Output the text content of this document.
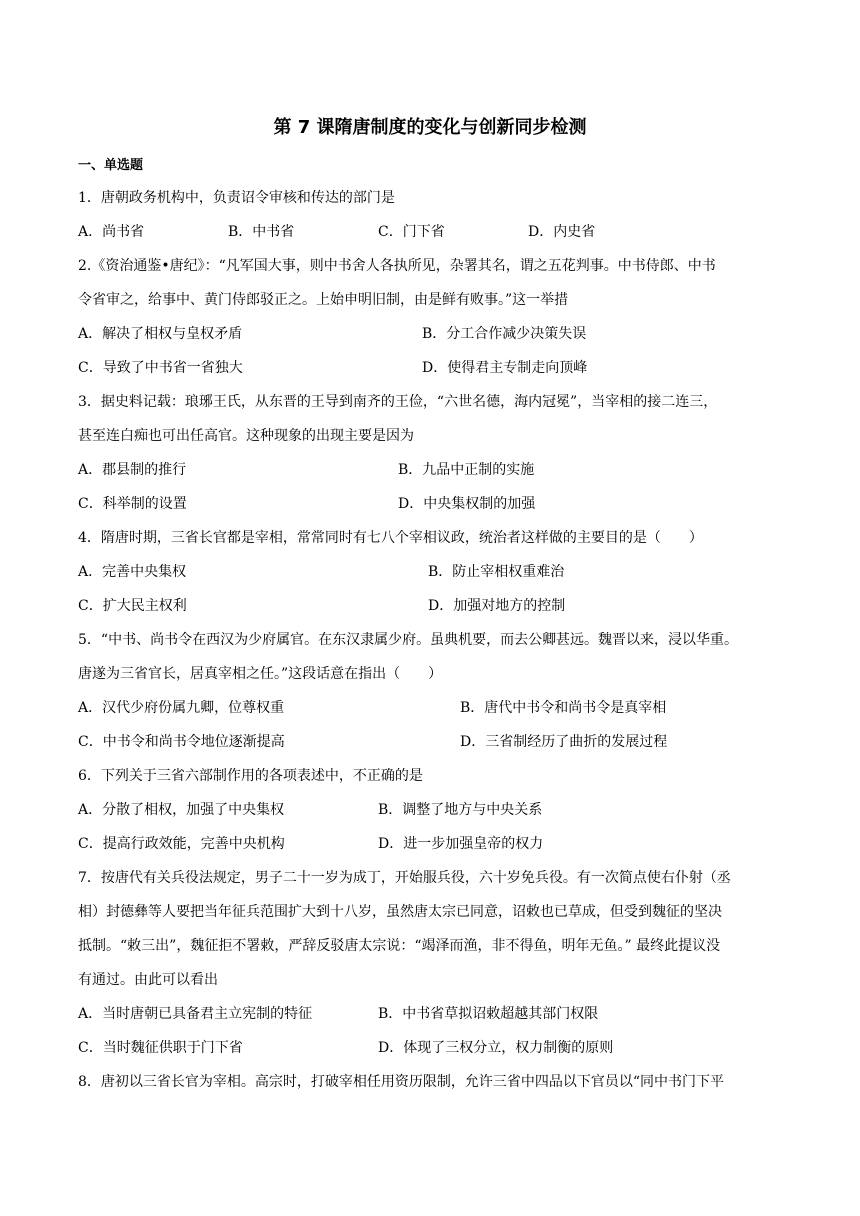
第 7 课隋唐制度的变化与创新同步检测
一、单选题
1．唐朝政务机构中，负责诏令审核和传达的部门是
A．尚书省	B．中书省	C．门下省	D．内史省
2.《资治通鉴•唐纪》：“凡军国大事，则中书舍人各执所见，杂署其名，谓之五花判事。中书侍郎、中书
令省审之，给事中、黄门侍郎驳正之。上始申明旧制，由是鲜有败事。”这一举措
A．解决了相权与皇权矛盾	B．分工合作减少决策失误
C．导致了中书省一省独大	D．使得君主专制走向顶峰
3．据史料记载：琅琊王氏，从东晋的王导到南齐的王俭，“六世名德，海内冠冕”，当宰相的接二连三，
甚至连白痴也可出任高官。这种现象的出现主要是因为
A．郡县制的推行	B．九品中正制的实施
C．科举制的设置	D．中央集权制的加强
4．隋唐时期，三省长官都是宰相，常常同时有七八个宰相议政，统治者这样做的主要目的是（　　）
A．完善中央集权	B．防止宰相权重难治
C．扩大民主权利	D．加强对地方的控制
5．“中书、尚书令在西汉为少府属官。在东汉隶属少府。虽典机要，而去公卿甚远。魏晋以来，浸以华重。
唐遂为三省官长，居真宰相之任。”这段话意在指出（　　）
A．汉代少府份属九卿，位尊权重	B．唐代中书令和尚书令是真宰相
C．中书令和尚书令地位逐渐提高	D．三省制经历了曲折的发展过程
6．下列关于三省六部制作用的各项表述中，不正确的是
A．分散了相权，加强了中央集权	B．调整了地方与中央关系
C．提高行政效能，完善中央机构	D．进一步加强皇帝的权力
7．按唐代有关兵役法规定，男子二十一岁为成丁，开始服兵役，六十岁免兵役。有一次简点使右仆射（丞
相）封德彝等人要把当年征兵范围扩大到十八岁，虽然唐太宗已同意，诏敕也已草成，但受到魏征的坚决
抵制。“敕三出”，魏征拒不署敕，严辞反驳唐太宗说：“竭泽而渔，非不得鱼，明年无鱼。” 最终此提议没
有通过。由此可以看出
A．当时唐朝已具备君主立宪制的特征	B．中书省草拟诏敕超越其部门权限
C．当时魏征供职于门下省	D．体现了三权分立，权力制衡的原则
8．唐初以三省长官为宰相。高宗时，打破宰相任用资历限制，允许三省中四品以下官员以“同中书门下平
